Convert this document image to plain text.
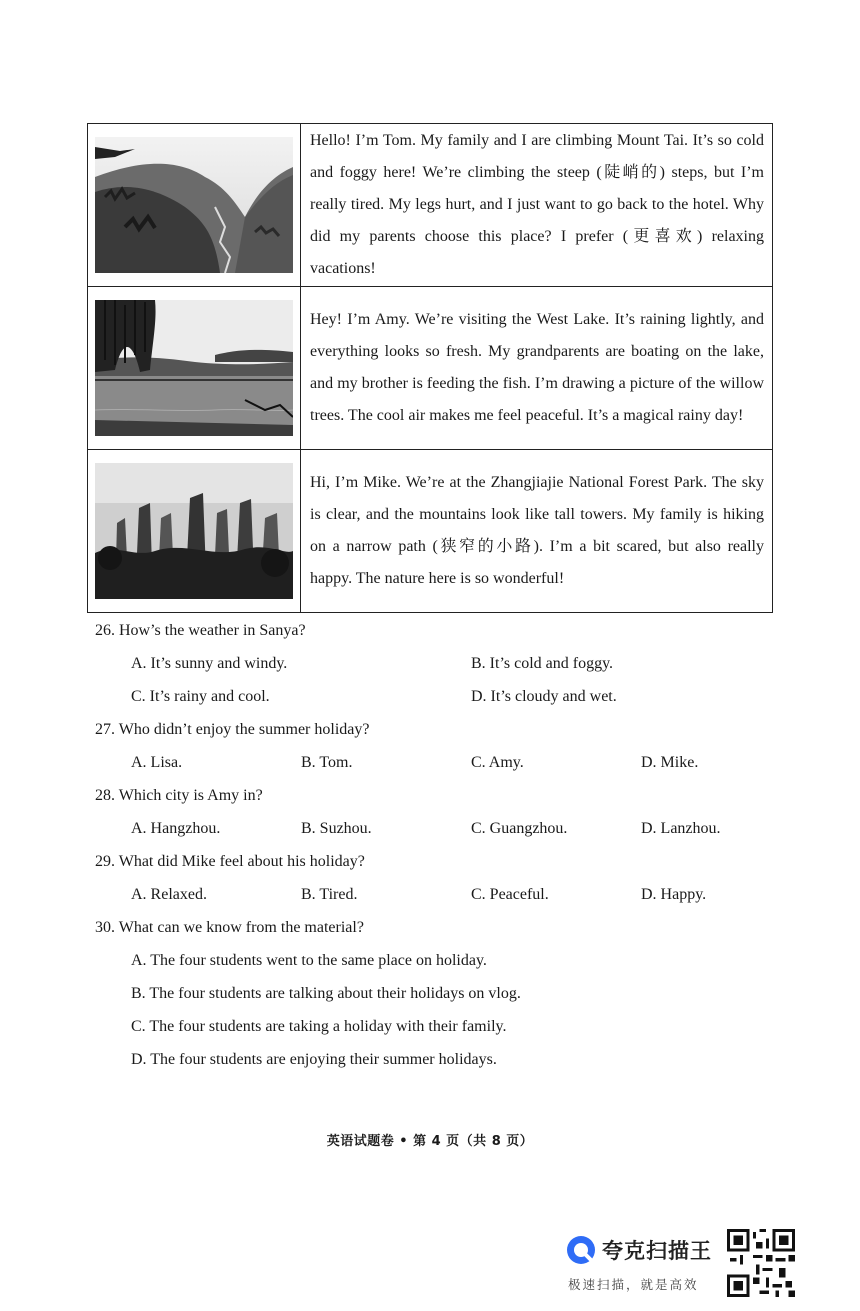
Hello! I’m Tom. My family and I are climbing Mount Tai. It’s so cold and foggy here! We’re climbing the steep (陡峭的) steps, but I’m really tired. My legs hurt, and I just want to go back to the hotel. Why did my parents choose this place? I prefer (更喜欢) relaxing vacations!
Hey! I’m Amy. We’re visiting the West Lake. It’s raining lightly, and everything looks so fresh. My grandparents are boating on the lake, and my brother is feeding the fish. I’m drawing a picture of the willow trees. The cool air makes me feel peaceful. It’s a magical rainy day!
Hi, I’m Mike. We’re at the Zhangjiajie National Forest Park. The sky is clear, and the mountains look like tall towers. My family is hiking on a narrow path (狭窄的小路). I’m a bit scared, but also really happy. The nature here is so wonderful!
26. How’s the weather in Sanya?
A. It’s sunny and windy.	B. It’s cold and foggy.
C. It’s rainy and cool.	D. It’s cloudy and wet.
27. Who didn’t enjoy the summer holiday?
A. Lisa.	B. Tom.	C. Amy.	D. Mike.
28. Which city is Amy in?
A. Hangzhou.	B. Suzhou.	C. Guangzhou.	D. Lanzhou.
29. What did Mike feel about his holiday?
A. Relaxed.	B. Tired.	C. Peaceful.	D. Happy.
30. What can we know from the material?
A. The four students went to the same place on holiday.
B. The four students are talking about their holidays on vlog.
C. The four students are taking a holiday with their family.
D. The four students are enjoying their summer holidays.
英语试题卷 • 第 4 页（共 8 页）
夸克扫描王
极速扫描，就是高效
